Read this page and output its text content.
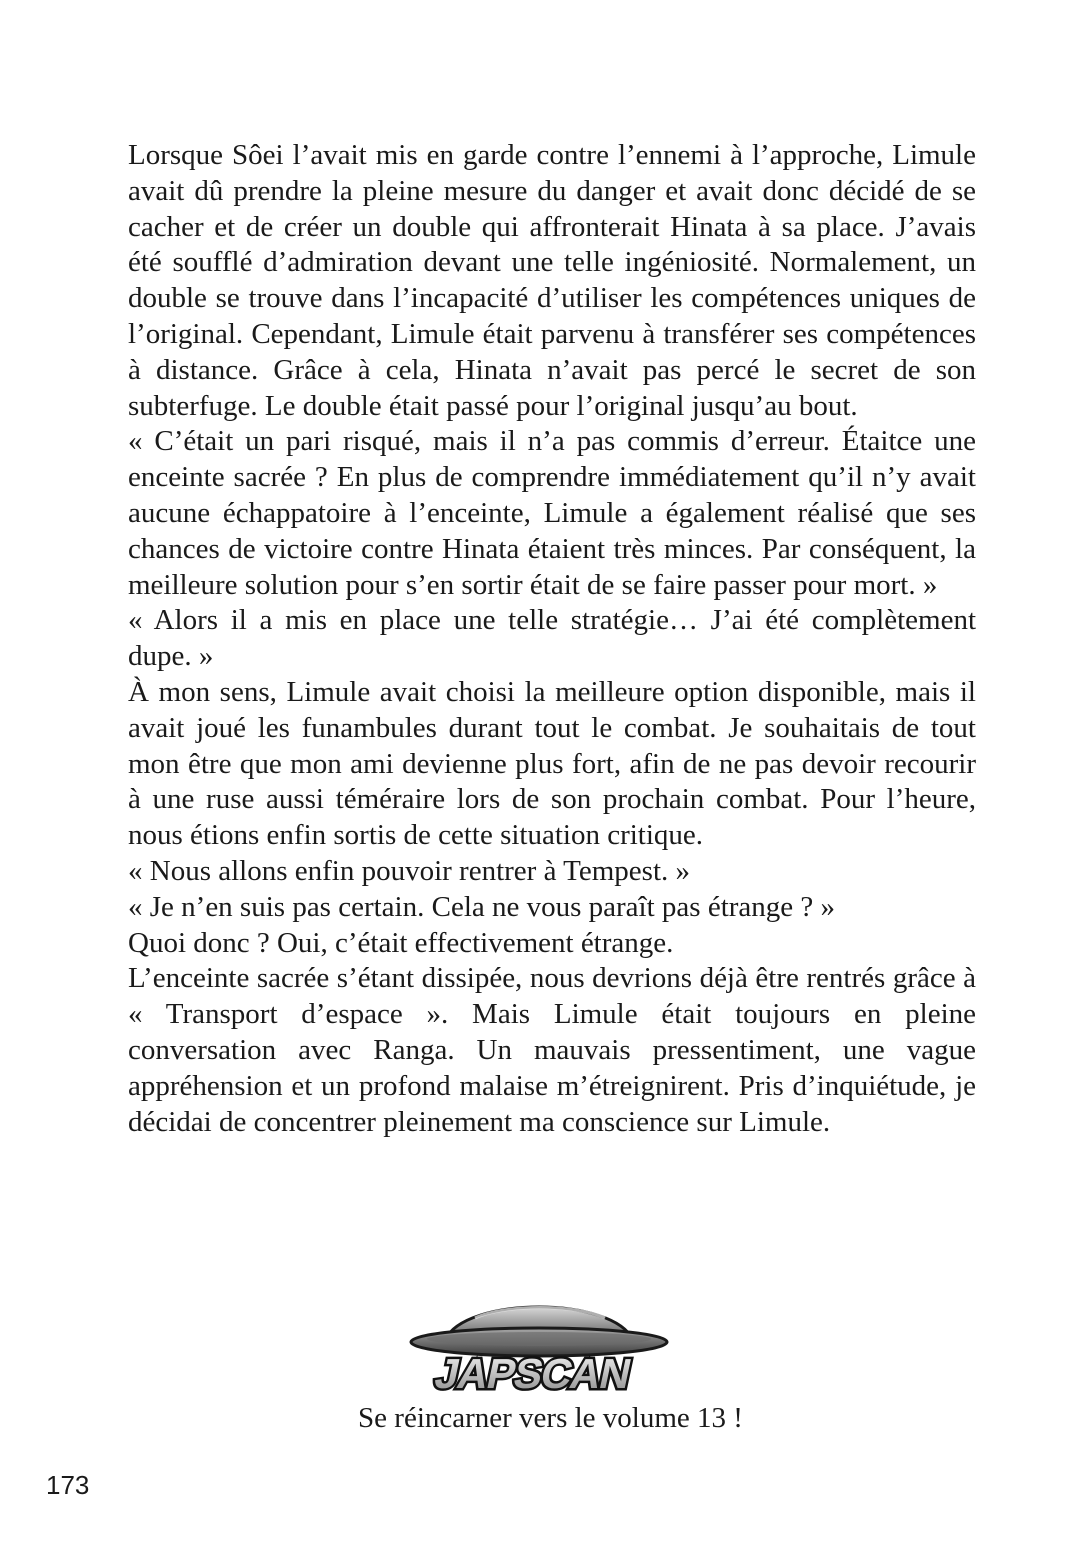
Lorsque Sôei l’avait mis en garde contre l’ennemi à l’approche, Limule avait dû prendre la pleine mesure du danger et avait donc décidé de se cacher et de créer un double qui affronterait Hinata à sa place. J’avais été soufflé d’admiration devant une telle ingéniosité. Normalement, un double se trouve dans l’incapacité d’utiliser les compétences uniques de l’original. Cependant, Limule était parvenu à transférer ses compétences à distance. Grâce à cela, Hinata n’avait pas percé le secret de son subterfuge. Le double était passé pour l’original jusqu’au bout.

« C’était un pari risqué, mais il n’a pas commis d’erreur. Étaitce une enceinte sacrée ? En plus de comprendre immédiatement qu’il n’y avait aucune échappatoire à l’enceinte, Limule a également réalisé que ses chances de victoire contre Hinata étaient très minces. Par conséquent, la meilleure solution pour s’en sortir était de se faire passer pour mort. »

« Alors il a mis en place une telle stratégie… J’ai été complètement dupe. »

À mon sens, Limule avait choisi la meilleure option disponible, mais il avait joué les funambules durant tout le combat. Je souhaitais de tout mon être que mon ami devienne plus fort, afin de ne pas devoir recourir à une ruse aussi téméraire lors de son prochain combat. Pour l’heure, nous étions enfin sortis de cette situation critique.

« Nous allons enfin pouvoir rentrer à Tempest. »

« Je n’en suis pas certain. Cela ne vous paraît pas étrange ? »

Quoi donc ? Oui, c’était effectivement étrange.

L’enceinte sacrée s’étant dissipée, nous devrions déjà être rentrés grâce à « Transport d’espace ». Mais Limule était toujours en pleine conversation avec Ranga. Un mauvais pressentiment, une vague appréhension et un profond malaise m’étreignirent. Pris d’inquiétude, je décidai de concentrer pleinement ma conscience sur Limule.

JAPSCAN
Se réincarner vers le volume 13 !
173
